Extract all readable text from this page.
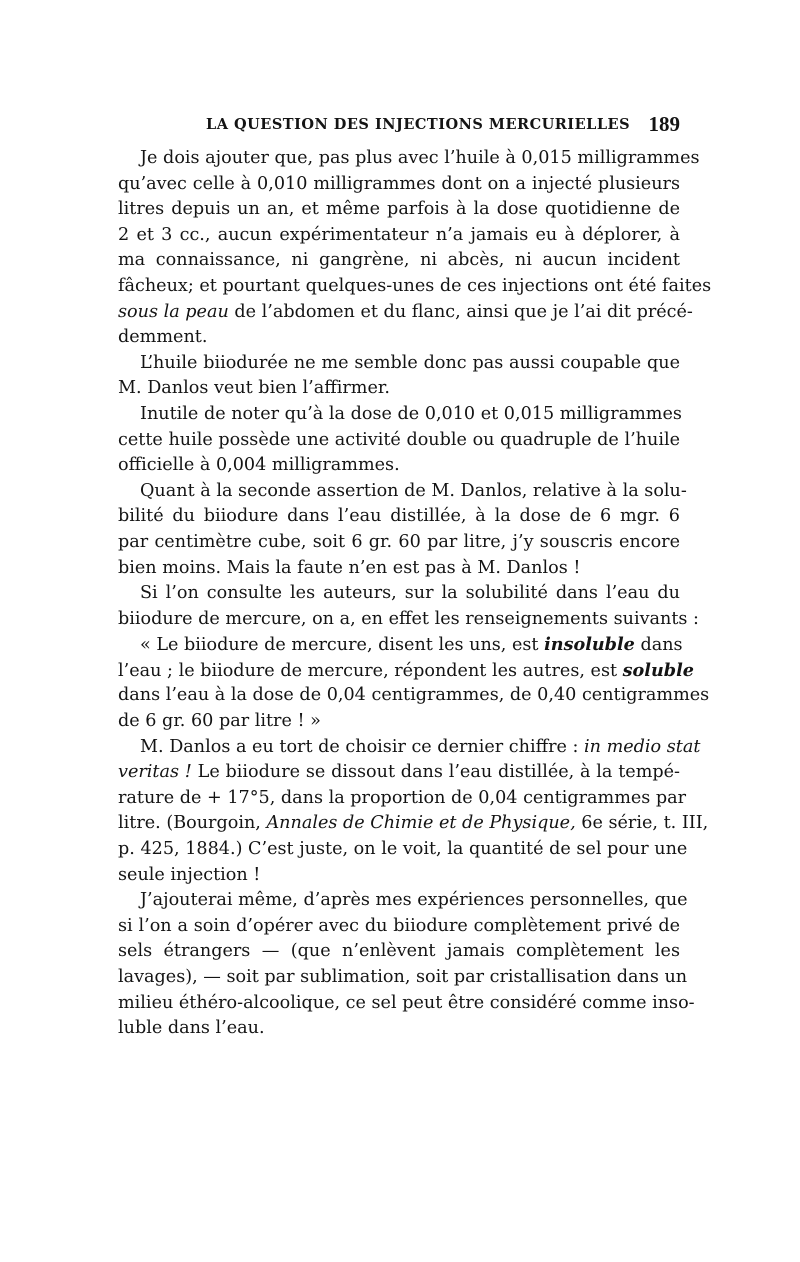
LA QUESTION DES INJECTIONS MERCURIELLES 189
Je dois ajouter que, pas plus avec l’huile à 0,015 milligrammes
qu’avec celle à 0,010 milligrammes dont on a injecté plusieurs
litres depuis un an, et même parfois à la dose quotidienne de
2 et 3 cc., aucun expérimentateur n’a jamais eu à déplorer, à
ma connaissance, ni gangrène, ni abcès, ni aucun incident
fâcheux; et pourtant quelques-unes de ces injections ont été faites
sous la peau de l’abdomen et du flanc, ainsi que je l’ai dit précé-
demment.
L’huile biiodurée ne me semble donc pas aussi coupable que
M. Danlos veut bien l’affirmer.
Inutile de noter qu’à la dose de 0,010 et 0,015 milligrammes
cette huile possède une activité double ou quadruple de l’huile
officielle à 0,004 milligrammes.
Quant à la seconde assertion de M. Danlos, relative à la solu-
bilité du biiodure dans l’eau distillée, à la dose de 6 mgr. 6
par centimètre cube, soit 6 gr. 60 par litre, j’y souscris encore
bien moins. Mais la faute n’en est pas à M. Danlos !
Si l’on consulte les auteurs, sur la solubilité dans l’eau du
biiodure de mercure, on a, en effet les renseignements suivants :
« Le biiodure de mercure, disent les uns, est insoluble dans
l’eau ; le biiodure de mercure, répondent les autres, est soluble
dans l’eau à la dose de 0,04 centigrammes, de 0,40 centigrammes
de 6 gr. 60 par litre ! »
M. Danlos a eu tort de choisir ce dernier chiffre : in medio stat
veritas ! Le biiodure se dissout dans l’eau distillée, à la tempé-
rature de + 17°5, dans la proportion de 0,04 centigrammes par
litre. (Bourgoin, Annales de Chimie et de Physique, 6e série, t. III,
p. 425, 1884.) C’est juste, on le voit, la quantité de sel pour une
seule injection !
J’ajouterai même, d’après mes expériences personnelles, que
si l’on a soin d’opérer avec du biiodure complètement privé de
sels étrangers — (que n’enlèvent jamais complètement les
lavages), — soit par sublimation, soit par cristallisation dans un
milieu éthéro-alcoolique, ce sel peut être considéré comme inso-
luble dans l’eau.
